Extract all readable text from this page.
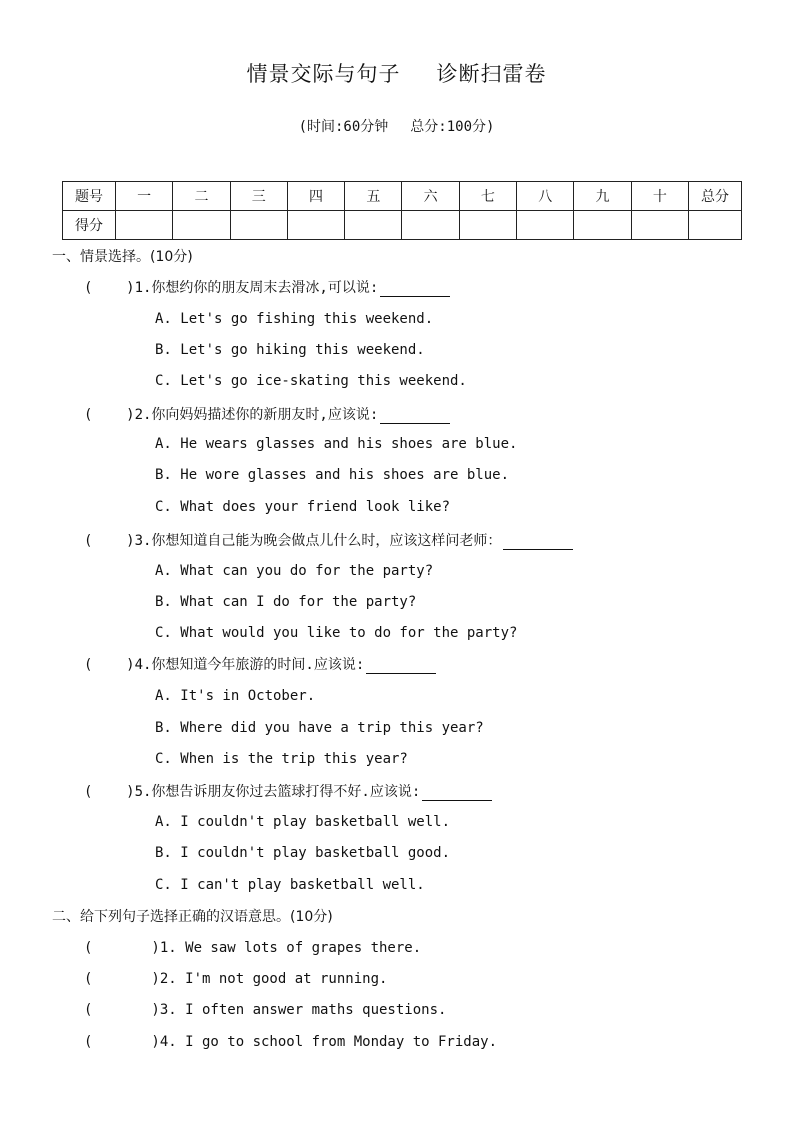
情景交际与句子 诊断扫雷卷
(时间:60分钟 总分:100分)
题号	一	二	三	四	五	六	七	八	九	十	总分
得分											
一、情景选择。(10分)
(    )1.你想约你的朋友周末去滑冰,可以说:
A. Let's go fishing this weekend.
B. Let's go hiking this weekend.
C. Let's go ice-skating this weekend.
(    )2.你向妈妈描述你的新朋友时,应该说:
A. He wears glasses and his shoes are blue.
B. He wore glasses and his shoes are blue.
C. What does your friend look like?
(    )3.你想知道自己能为晚会做点儿什么时，应该这样问老师：
A. What can you do for the party?
B. What can I do for the party?
C. What would you like to do for the party?
(    )4.你想知道今年旅游的时间.应该说:
A. It's in October.
B. Where did you have a trip this year?
C. When is the trip this year?
(    )5.你想告诉朋友你过去篮球打得不好.应该说:
A. I couldn't play basketball well.
B. I couldn't play basketball good.
C. I can't play basketball well.
二、给下列句子选择正确的汉语意思。(10分)
(       )1. We saw lots of grapes there.
(       )2. I'm not good at running.
(       )3. I often answer maths questions.
(       )4. I go to school from Monday to Friday.
